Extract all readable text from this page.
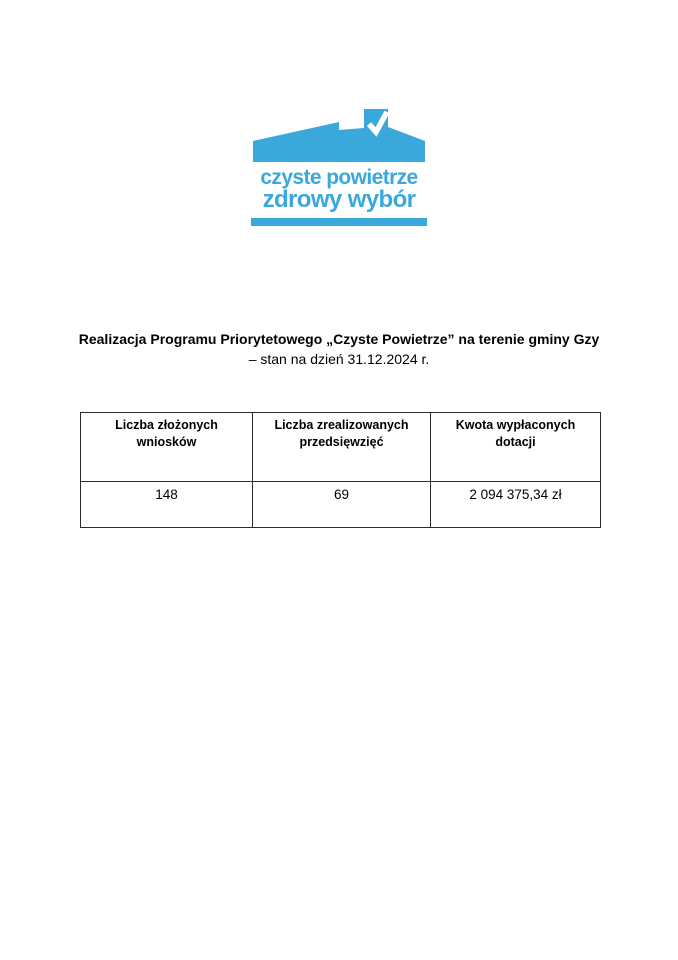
czyste powietrze
zdrowy wybór
Realizacja Programu Priorytetowego „Czyste Powietrze” na terenie gminy Gzy

– stan na dzień 31.12.2024 r.

Liczba złożonych wniosków	Liczba zrealizowanych przedsięwzięć	Kwota wypłaconych dotacji
148	69	2 094 375,34 zł
